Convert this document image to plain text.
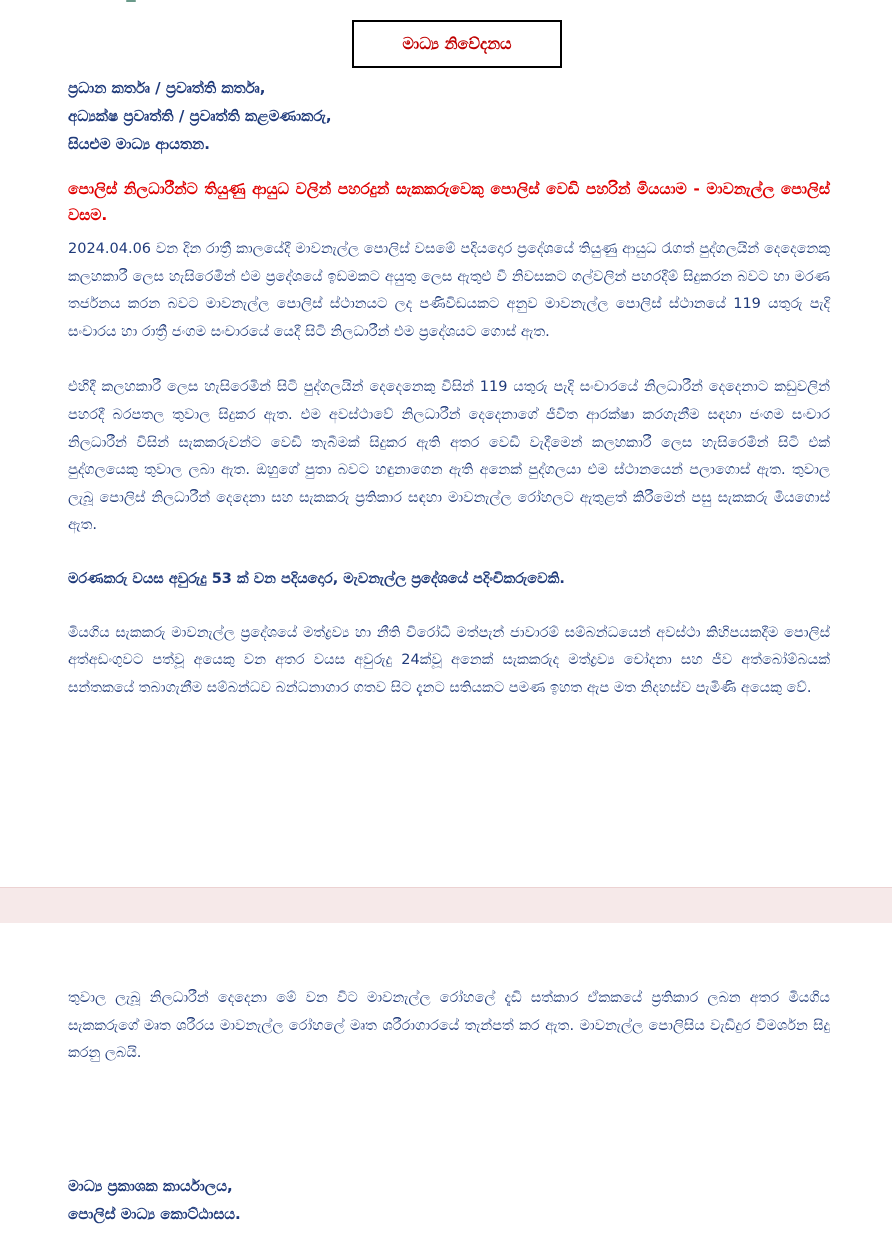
මාධ්‍ය නිවේදනය
ප්‍රධාන කර්තෘ / ප්‍රවෘත්ති කර්තෘ,
අධ්‍යක්ෂ ප්‍රවෘත්ති / ප්‍රවෘත්ති කළමණාකරු,
සියළුම මාධ්‍ය ආයතන.
පොලිස් නිලධාරීන්ට තියුණු ආයුධ වලින් පහරදුන් සැකකරුවෙකු පොලිස් වෙඩි පහරින් මියයාම - මාවනැල්ල පොලිස් වසම.
2024.04.06 වන දින රාත්‍රී කාලයේදී මාවනැල්ල පොලිස් වසමේ පදියදොර ප්‍රදේශයේ තියුණු ආයුධ රැගත් පුද්ගලයින් දෙදෙනෙකු කලහකාරී ලෙස හැසිරෙමින් එම ප්‍රදේශයේ ඉඩමකට අයුතු ලෙස ඇතුළු වී නිවසකට ගල්වලින් පහරදීම් සිදුකරන බවට හා මරණ තර්ජනය කරන බවට මාවනැල්ල පොලිස් ස්ථානයට ලද පණිවිඩයකට අනුව මාවනැල්ල පොලිස් ස්ථානයේ 119 යතුරු පැදි සංචාරය හා රාත්‍රී ජංගම සංචාරයේ යෙදී සිටි නිලධාරීන් එම ප්‍රදේශයට ගොස් ඇත.
එහිදී කලහකාරී ලෙස හැසිරෙමින් සිටි පුද්ගලයින් දෙදෙනෙකු විසින් 119 යතුරු පැදි සංචාරයේ නිලධාරීන් දෙදෙනාට කඩුවලින් පහරදී බරපතල තුවාල සිදුකර ඇත. එම අවස්ථාවේ නිලධාරීන් දෙදෙනාගේ ජීවිත ආරක්ෂා කරගැනීම සඳහා ජංගම සංචාර නිලධාරීන් විසින් සැකකරුවන්ට වෙඩි තැබීමක් සිදුකර ඇති අතර වෙඩි වැදීමෙන් කලහකාරී ලෙස හැසිරෙමින් සිටි එක් පුද්ගලයෙකු තුවාල ලබා ඇත. ඔහුගේ පුතා බවට හඳුනාගෙන ඇති අනෙක් පුද්ගලයා එම ස්ථානයෙන් පලාගොස් ඇත. තුවාල ලැබූ පොලිස් නිලධාරීන් දෙදෙනා සහ සැකකරු ප්‍රතිකාර සඳහා මාවනැල්ල රෝහලට ඇතුළත් කිරීමෙන් පසු සැකකරු මියගොස් ඇත.
මරණකරු වයස අවුරුදු 53 ක් වන පදියදොර, මැවනැල්ල ප්‍රදේශයේ පදිංචිකරුවෙකි.
මියගිය සැකකරු මාවනැල්ල ප්‍රදේශයේ මත්ද්‍රව්‍ය හා නීති විරෝධී මත්පැන් ජාවාරම් සම්බන්ධයෙන් අවස්ථා කිහිපයකදීම පොලිස් අත්අඩංගුවට පත්වූ අයෙකු වන අතර වයස අවුරුදු 24ක්වූ අනෙක් සැකකරුද මත්ද්‍රව්‍ය චෝදනා සහ ජීව අත්බෝම්බයක් සන්තකයේ තබාගැනීම සම්බන්ධව බන්ධනාගාර ගතව සිට දැනට සතියකට පමණ ඉහත ඇප මත නිදහස්ව පැමිණි අයෙකු වේ.
තුවාල ලැබූ නිලධාරීන් දෙදෙනා මේ වන විට මාවනැල්ල රෝහලේ දැඩි සත්කාර ඒකකයේ ප්‍රතිකාර ලබන අතර මියගිය සැකකරුගේ මෘත ශරීරය මාවනැල්ල රෝහලේ මෘත ශරීරාගාරයේ තැන්පත් කර ඇත. මාවනැල්ල පොලිසිය වැඩිදුර විමර්ශන සිදු කරනු ලබයි.
මාධ්‍ය ප්‍රකාශක කාර්යාලය,
පොලිස් මාධ්‍ය කොට්ඨාසය.
